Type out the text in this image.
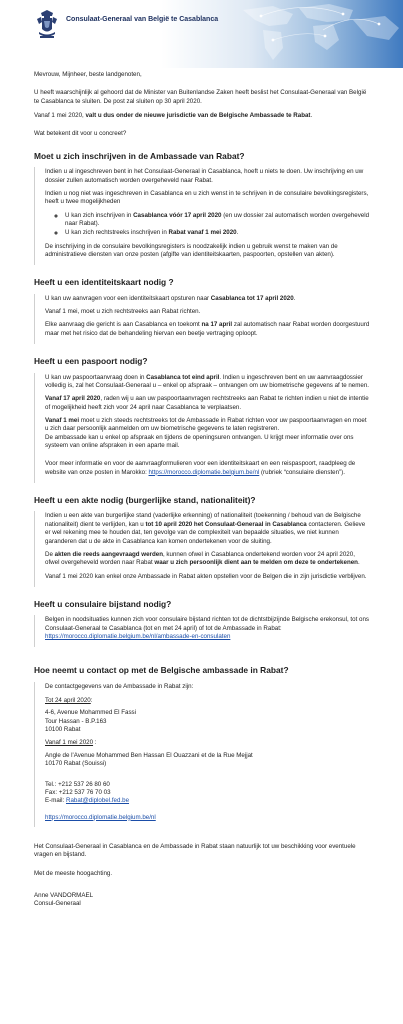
Consulaat-Generaal van België te Casablanca

Mevrouw, Mijnheer, beste landgenoten,

U heeft waarschijnlijk al gehoord dat de Minister van Buitenlandse Zaken heeft beslist het Consulaat-Generaal van België te Casablanca te sluiten. De post zal sluiten op 30 april 2020.

Vanaf 1 mei 2020, valt u dus onder de nieuwe jurisdictie van de Belgische Ambassade te Rabat.

Wat betekent dit voor u concreet?

Moet u zich inschrijven in de Ambassade van Rabat?

Indien u al ingeschreven bent in het Consulaat-Generaal in Casablanca, hoeft u niets te doen. Uw inschrijving en uw dossier zullen automatisch worden overgeheveld naar Rabat.

Indien u nog niet was ingeschreven in Casablanca en u zich wenst in te schrijven in de consulaire bevolkingsregisters, heeft u twee mogelijkheden

◦ U kan zich inschrijven in Casablanca vóór 17 april 2020 (en uw dossier zal automatisch worden overgeheveld naar Rabat).
◦ U kan zich rechtstreeks inschrijven in Rabat vanaf 1 mei 2020.

De inschrijving in de consulaire bevolkingsregisters is noodzakelijk indien u gebruik wenst te maken van de administratieve diensten van onze posten (afgifte van identiteitskaarten, paspoorten, opstellen van akten).

Heeft u een identiteitskaart nodig ?

U kan uw aanvragen voor een identiteitskaart opsturen naar Casablanca tot 17 april 2020.

Vanaf 1 mei, moet u zich rechtstreeks aan Rabat richten.

Elke aanvraag die gericht is aan Casablanca en toekomt na 17 april zal automatisch naar Rabat worden doorgestuurd maar met het risico dat de behandeling hiervan een beetje vertraging oploopt.

Heeft u een paspoort nodig?

U kan uw paspoortaanvraag doen in Casablanca tot eind april. Indien u ingeschreven bent en uw aanvraagdossier volledig is, zal het Consulaat-Generaal u – enkel op afspraak – ontvangen om uw biometrische gegevens af te nemen.

Vanaf 17 april 2020, raden wij u aan uw paspoortaanvragen rechtstreeks aan Rabat te richten indien u niet de intentie of mogelijkheid heeft zich voor 24 april naar Casablanca te verplaatsen.

Vanaf 1 mei moet u zich steeds rechtstreeks tot de Ambassade in Rabat richten voor uw paspoortaanvragen en moet u zich daar persoonlijk aanmelden om uw biometrische gegevens te laten registreren.
De ambassade kan u enkel op afspraak en tijdens de openingsuren ontvangen. U krijgt meer informatie over ons systeem van online afspraken in een aparte mail.

Voor meer informatie en voor de aanvraagformulieren voor een identiteitskaart en een reispaspoort, raadpleeg de website van onze posten in Marokko: https://morocco.diplomatie.belgium.be/nl (rubriek “consulaire diensten”).

Heeft u een akte nodig (burgerlijke stand, nationaliteit)?

Indien u een akte van burgerlijke stand (vaderlijke erkenning) of nationaliteit (toekenning / behoud van de Belgische nationaliteit) dient te verlijden, kan u tot 10 april 2020 het Consulaat-Generaal in Casablanca contacteren. Gelieve er wel rekening mee te houden dat, ten gevolge van de complexiteit van bepaalde situaties, we niet kunnen garanderen dat u de akte in Casablanca kan komen ondertekenen voor de sluiting.

De akten die reeds aangevraagd werden, kunnen ofwel in Casablanca ondertekend worden voor 24 april 2020, ofwel overgeheveld worden naar Rabat waar u zich persoonlijk dient aan te melden om deze te ondertekenen.

Vanaf 1 mei 2020 kan enkel onze Ambassade in Rabat akten opstellen voor de Belgen die in zijn jurisdictie verblijven.

Heeft u consulaire bijstand nodig?

Belgen in noodsituaties kunnen zich voor consulaire bijstand richten tot de dichtstbijzijnde Belgische erekonsul, tot ons Consulaat-Generaal te Casablanca (tot en met 24 april) of tot de Ambassade in Rabat:
https://morocco.diplomatie.belgium.be/nl/ambassade-en-consulaten

Hoe neemt u contact op met de Belgische ambassade in Rabat?

De contactgegevens van de Ambassade in Rabat zijn:

Tot 24 april 2020:

4-6, Avenue Mohammed El Fassi
Tour Hassan - B.P.163
10100 Rabat

Vanaf 1 mei 2020 :

Angle de l'Avenue Mohammed Ben Hassan El Ouazzani et de la Rue Mejjat
10170 Rabat (Souissi)

Tel.: +212 537 26 80 60
Fax: +212 537 76 70 03
E-mail: Rabat@diplobel.fed.be

https://morocco.diplomatie.belgium.be/nl

Het Consulaat-Generaal in Casablanca en de Ambassade in Rabat staan natuurlijk tot uw beschikking voor eventuele vragen en bijstand.

Met de meeste hoogachting.

Anne VANDORMAEL
Consul-Generaal
